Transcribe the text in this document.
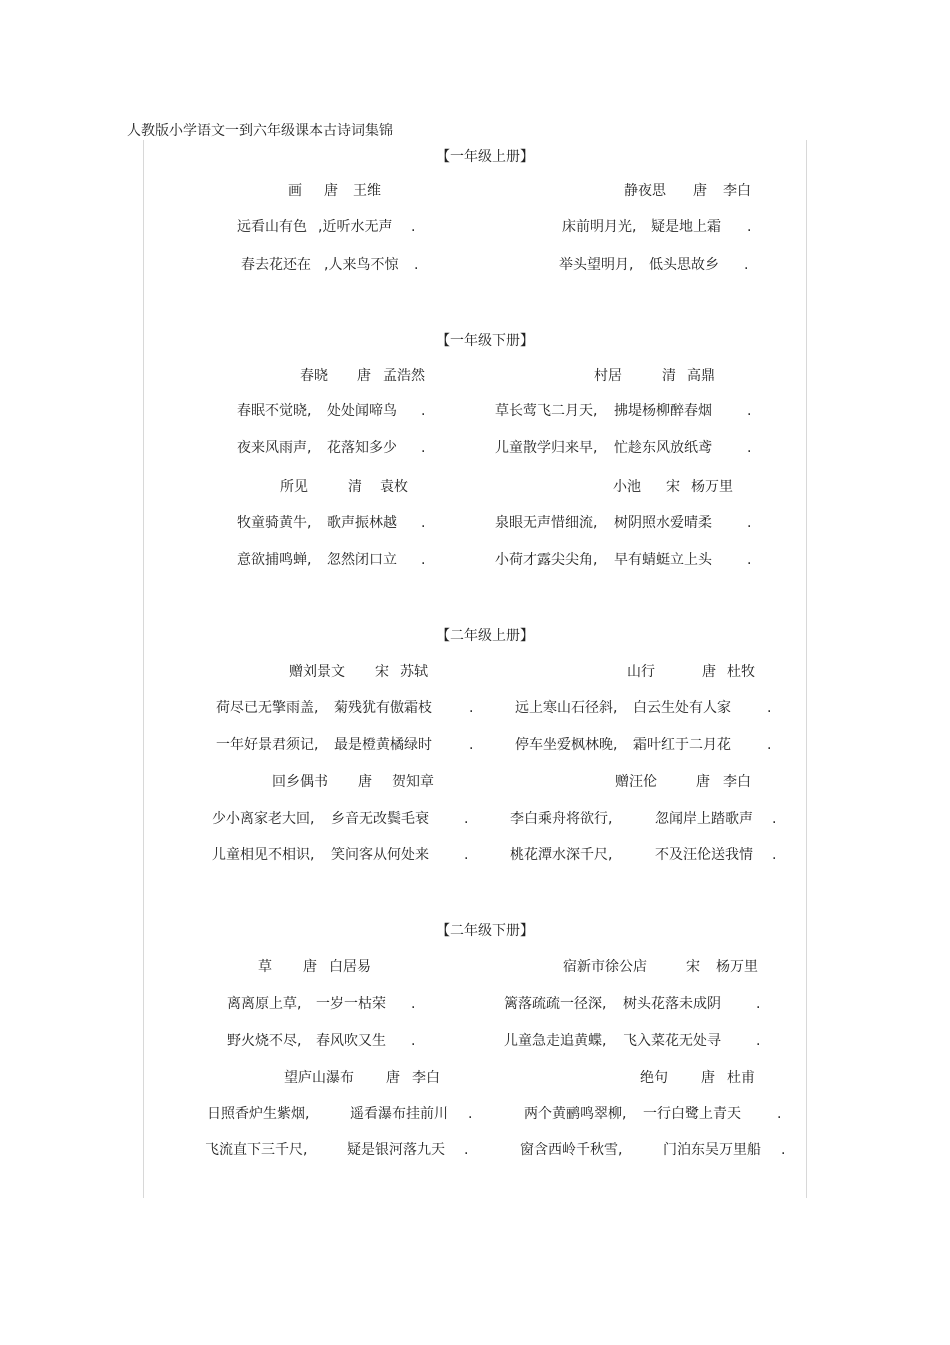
人教版小学语文一到六年级课本古诗词集锦
【一年级上册】
画 唐 王维
远看山有色 ,近听水无声 .
春去花还在 ,人来鸟不惊 .
静夜思 唐 李白
床前明月光, 疑是地上霜 .
举头望明月, 低头思故乡 .
【一年级下册】
春晓 唐 孟浩然
春眠不觉晓, 处处闻啼鸟 .
夜来风雨声, 花落知多少 .
村居	清 高鼎
草长莺飞二月天, 拂堤杨柳醉春烟	.
儿童散学归来早, 忙趁东风放纸鸢	.
所见	清 袁枚
牧童骑黄牛, 歌声振林越 .
意欲捕鸣蝉, 忽然闭口立 .
小池 宋 杨万里
泉眼无声惜细流, 树阴照水爱晴柔	.
小荷才露尖尖角, 早有蜻蜓立上头	.
【二年级上册】
赠刘景文 宋 苏轼
荷尽已无擎雨盖, 菊残犹有傲霜枝	.
一年好景君须记, 最是橙黄橘绿时	.
山行	唐 杜牧
远上寒山石径斜, 白云生处有人家	.
停车坐爱枫林晚, 霜叶红于二月花	.
回乡偶书 唐 贺知章
少小离家老大回, 乡音无改鬓毛衰	.
儿童相见不相识, 笑问客从何处来	.
赠汪伦	唐 李白
李白乘舟将欲行,	忽闻岸上踏歌声 .
桃花潭水深千尺,	不及汪伦送我情 .
【二年级下册】
草 唐 白居易
离离原上草, 一岁一枯荣 .
野火烧不尽, 春风吹又生 .
宿新市徐公店	宋 杨万里
篱落疏疏一径深, 树头花落未成阴	.
儿童急走追黄蝶, 飞入菜花无处寻	.
望庐山瀑布 唐 李白
日照香炉生紫烟,	遥看瀑布挂前川 .
飞流直下三千尺,	疑是银河落九天 .
绝句 唐 杜甫
两个黄鹂鸣翠柳, 一行白鹭上青天	.
窗含西岭千秋雪,	门泊东吴万里船 .
